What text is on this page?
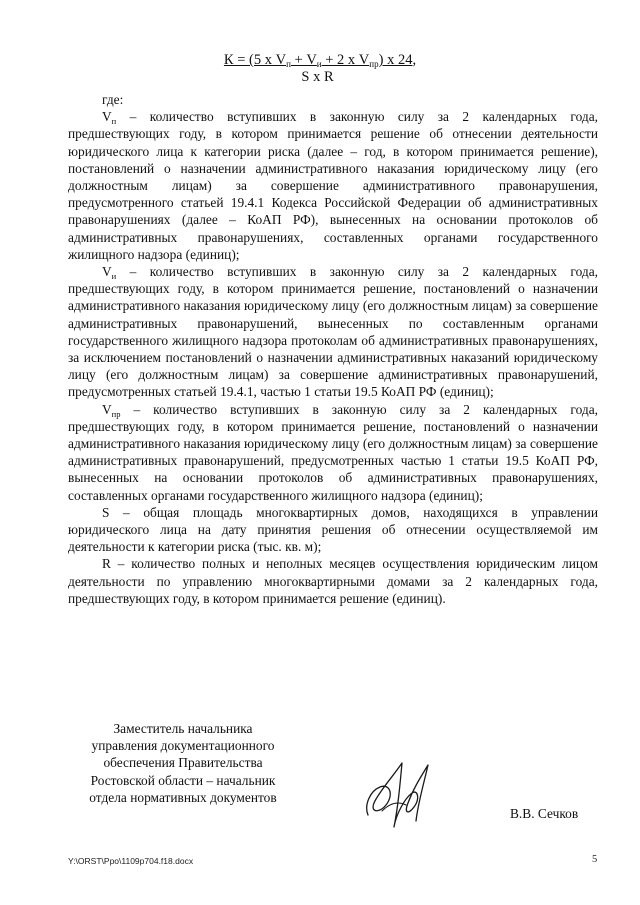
К = (5 х $V_п + V_и + 2$ х $V_{пр}$) х 24,
S х R

где:

$V_п$ – количество вступивших в законную силу за 2 календарных года, предшествующих году, в котором принимается решение об отнесении деятельности юридического лица к категории риска (далее – год, в котором принимается решение), постановлений о назначении административного наказания юридическому лицу (его должностным лицам) за совершение административного правонарушения, предусмотренного статьей 19.4.1 Кодекса Российской Федерации об административных правонарушениях (далее – КоАП РФ), вынесенных на основании протоколов об административных правонарушениях, составленных органами государственного жилищного надзора (единиц);

$V_и$ – количество вступивших в законную силу за 2 календарных года, предшествующих году, в котором принимается решение, постановлений о назначении административного наказания юридическому лицу (его должностным лицам) за совершение административных правонарушений, вынесенных по составленным органами государственного жилищного надзора протоколам об административных правонарушениях, за исключением постановлений о назначении административных наказаний юридическому лицу (его должностным лицам) за совершение административных правонарушений, предусмотренных статьей 19.4.1, частью 1 статьи 19.5 КоАП РФ (единиц);

$V_{пр}$ – количество вступивших в законную силу за 2 календарных года, предшествующих году, в котором принимается решение, постановлений о назначении административного наказания юридическому лицу (его должностным лицам) за совершение административных правонарушений, предусмотренных частью 1 статьи 19.5 КоАП РФ, вынесенных на основании протоколов об административных правонарушениях, составленных органами государственного жилищного надзора (единиц);

S – общая площадь многоквартирных домов, находящихся в управлении юридического лица на дату принятия решения об отнесении осуществляемой им деятельности к категории риска (тыс. кв. м);

R – количество полных и неполных месяцев осуществления юридическим лицом деятельности по управлению многоквартирными домами за 2 календарных года, предшествующих году, в котором принимается решение (единиц).

Заместитель начальника
управления документационного
обеспечения Правительства
Ростовской области – начальник
отдела нормативных документов
В.В. Сечков
Y:\ORST\Ppo\1109p704.f18.docx	5
